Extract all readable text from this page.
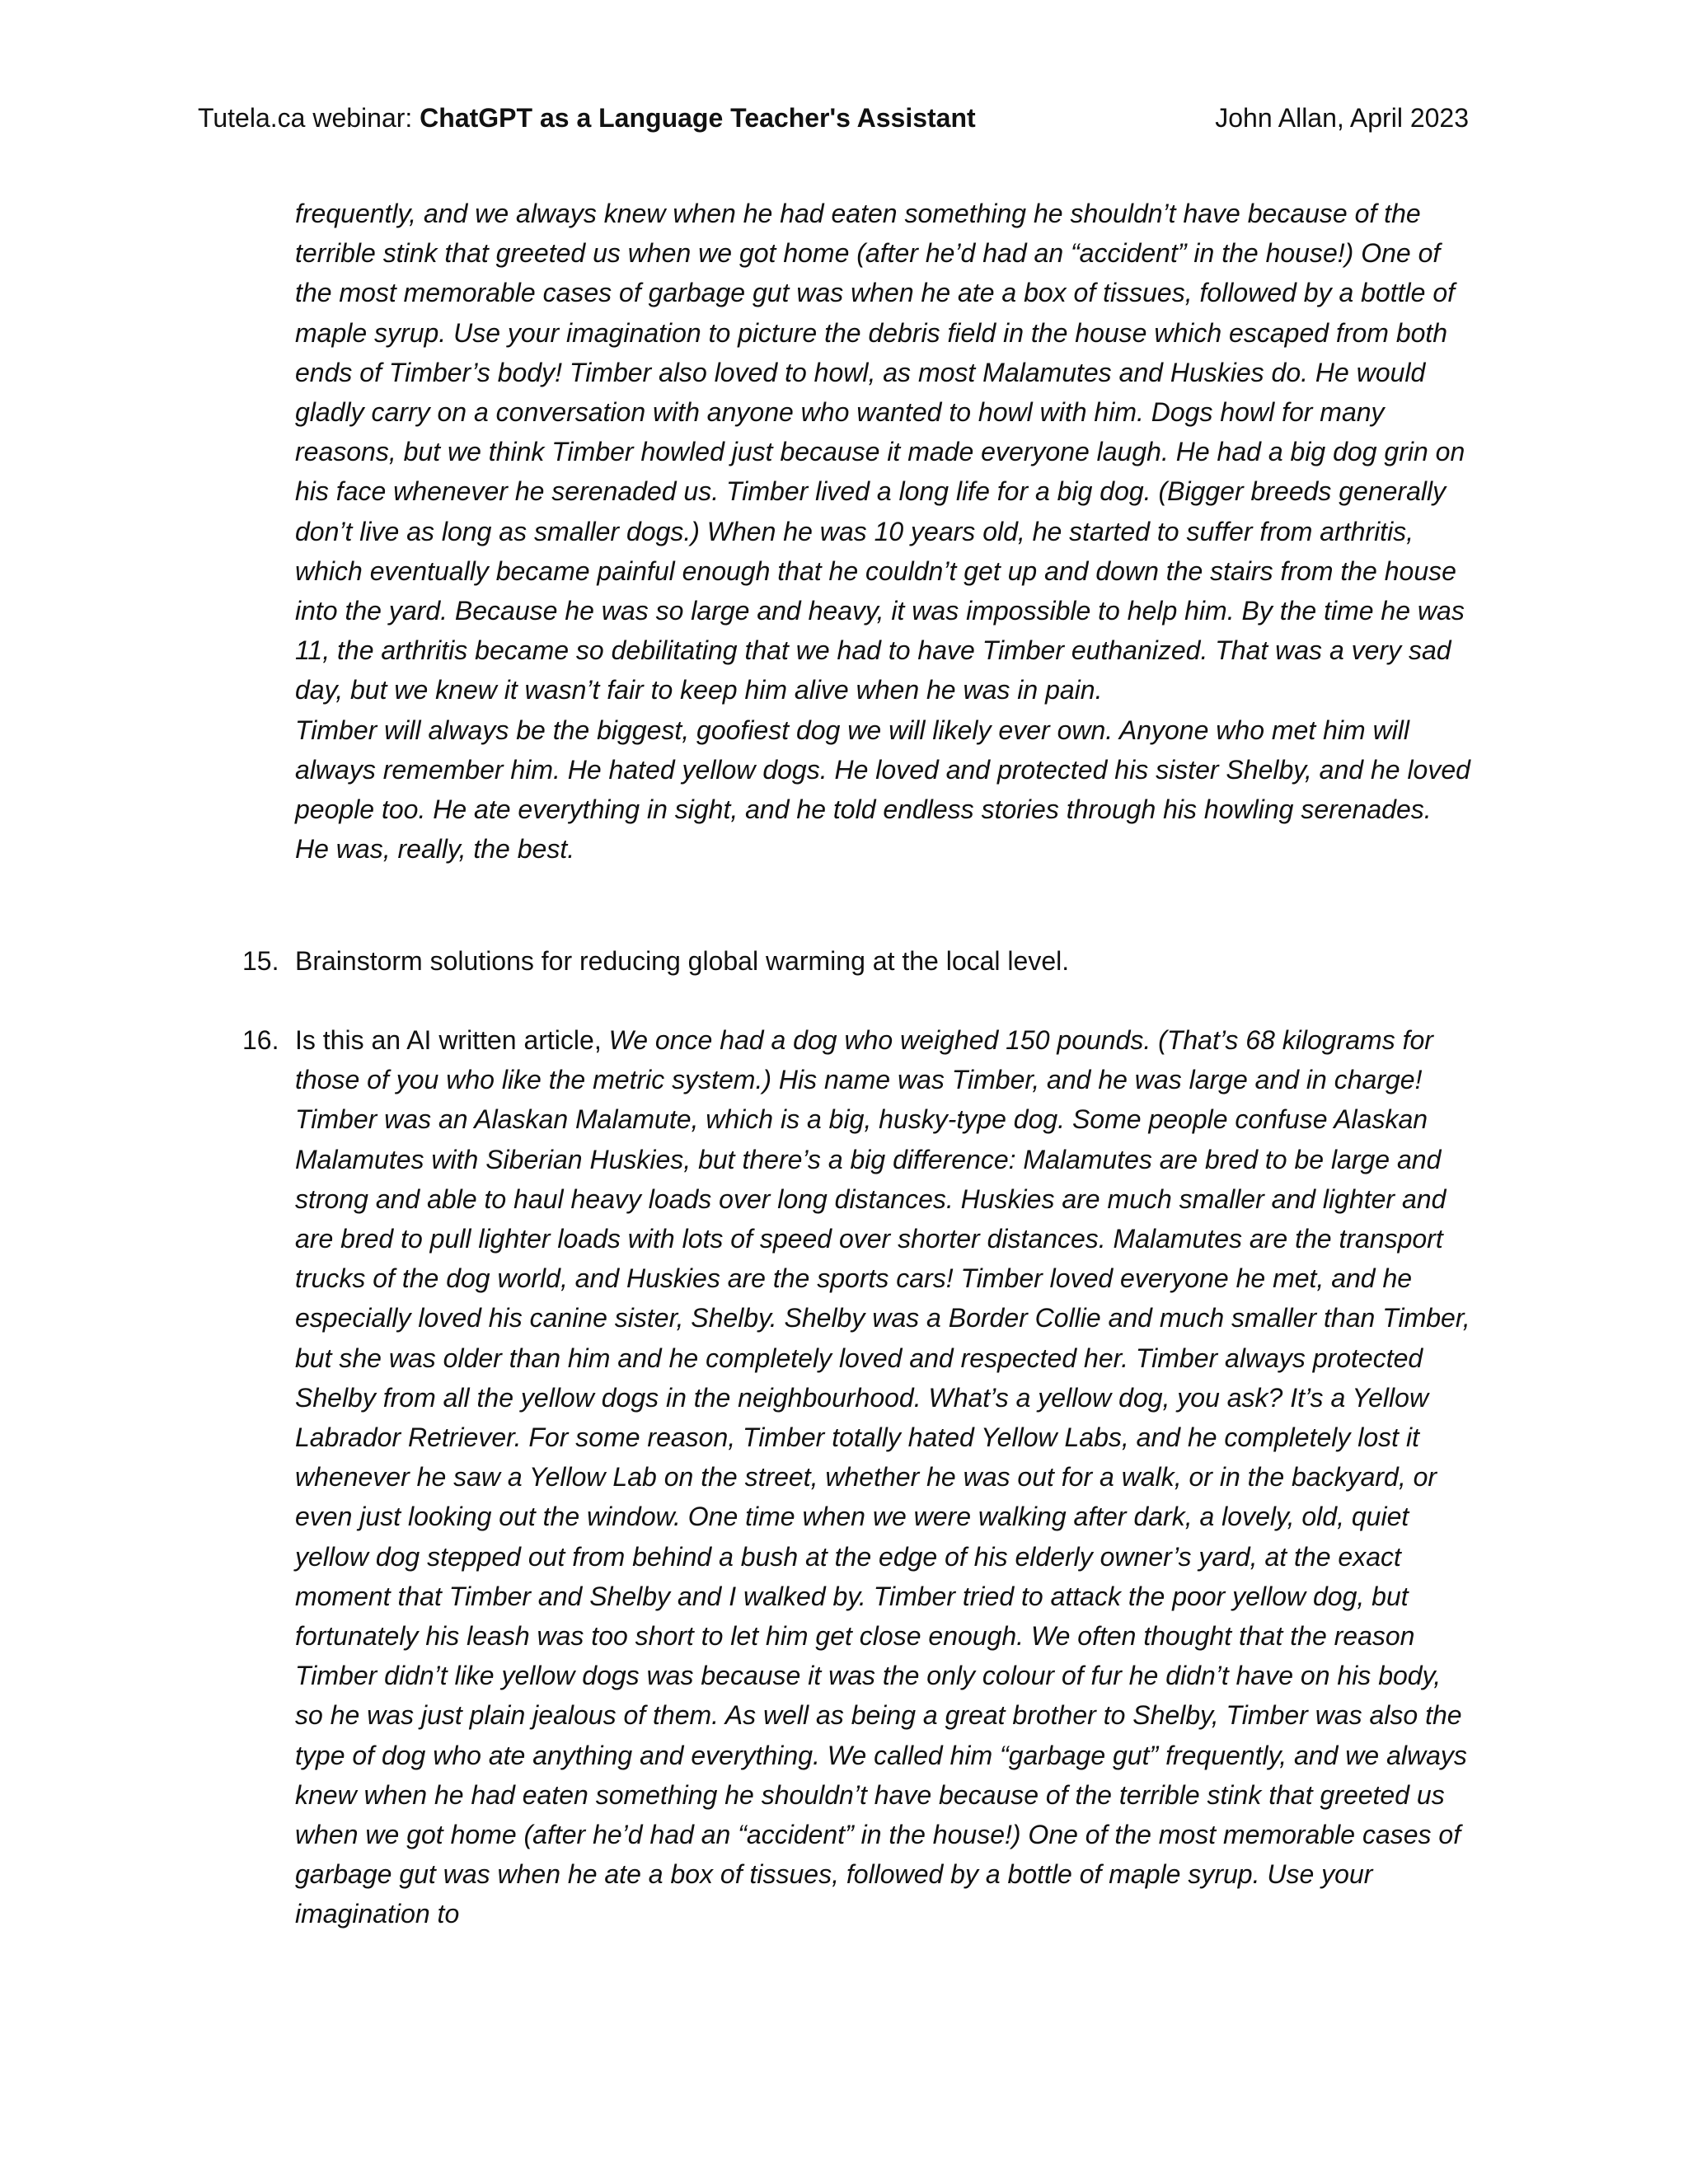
Tutela.ca webinar: ChatGPT as a Language Teacher's Assistant	John Allan, April 2023

frequently, and we always knew when he had eaten something he shouldn’t have because of the terrible stink that greeted us when we got home (after he’d had an “accident” in the house!) One of the most memorable cases of garbage gut was when he ate a box of tissues, followed by a bottle of maple syrup. Use your imagination to picture the debris field in the house which escaped from both ends of Timber’s body! Timber also loved to howl, as most Malamutes and Huskies do. He would gladly carry on a conversation with anyone who wanted to howl with him. Dogs howl for many reasons, but we think Timber howled just because it made everyone laugh. He had a big dog grin on his face whenever he serenaded us. Timber lived a long life for a big dog. (Bigger breeds generally don’t live as long as smaller dogs.) When he was 10 years old, he started to suffer from arthritis, which eventually became painful enough that he couldn’t get up and down the stairs from the house into the yard. Because he was so large and heavy, it was impossible to help him. By the time he was 11, the arthritis became so debilitating that we had to have Timber euthanized. That was a very sad day, but we knew it wasn’t fair to keep him alive when he was in pain.

Timber will always be the biggest, goofiest dog we will likely ever own. Anyone who met him will always remember him. He hated yellow dogs. He loved and protected his sister Shelby, and he loved people too. He ate everything in sight, and he told endless stories through his howling serenades. He was, really, the best.

15. Brainstorm solutions for reducing global warming at the local level.
16. Is this an AI written article, We once had a dog who weighed 150 pounds. (That’s 68 kilograms for those of you who like the metric system.) His name was Timber, and he was large and in charge! Timber was an Alaskan Malamute, which is a big, husky-type dog. Some people confuse Alaskan Malamutes with Siberian Huskies, but there’s a big difference: Malamutes are bred to be large and strong and able to haul heavy loads over long distances. Huskies are much smaller and lighter and are bred to pull lighter loads with lots of speed over shorter distances. Malamutes are the transport trucks of the dog world, and Huskies are the sports cars! Timber loved everyone he met, and he especially loved his canine sister, Shelby. Shelby was a Border Collie and much smaller than Timber, but she was older than him and he completely loved and respected her. Timber always protected Shelby from all the yellow dogs in the neighbourhood. What’s a yellow dog, you ask? It’s a Yellow Labrador Retriever. For some reason, Timber totally hated Yellow Labs, and he completely lost it whenever he saw a Yellow Lab on the street, whether he was out for a walk, or in the backyard, or even just looking out the window. One time when we were walking after dark, a lovely, old, quiet yellow dog stepped out from behind a bush at the edge of his elderly owner’s yard, at the exact moment that Timber and Shelby and I walked by. Timber tried to attack the poor yellow dog, but fortunately his leash was too short to let him get close enough. We often thought that the reason Timber didn’t like yellow dogs was because it was the only colour of fur he didn’t have on his body, so he was just plain jealous of them. As well as being a great brother to Shelby, Timber was also the type of dog who ate anything and everything. We called him “garbage gut” frequently, and we always knew when he had eaten something he shouldn’t have because of the terrible stink that greeted us when we got home (after he’d had an “accident” in the house!) One of the most memorable cases of garbage gut was when he ate a box of tissues, followed by a bottle of maple syrup. Use your imagination to
